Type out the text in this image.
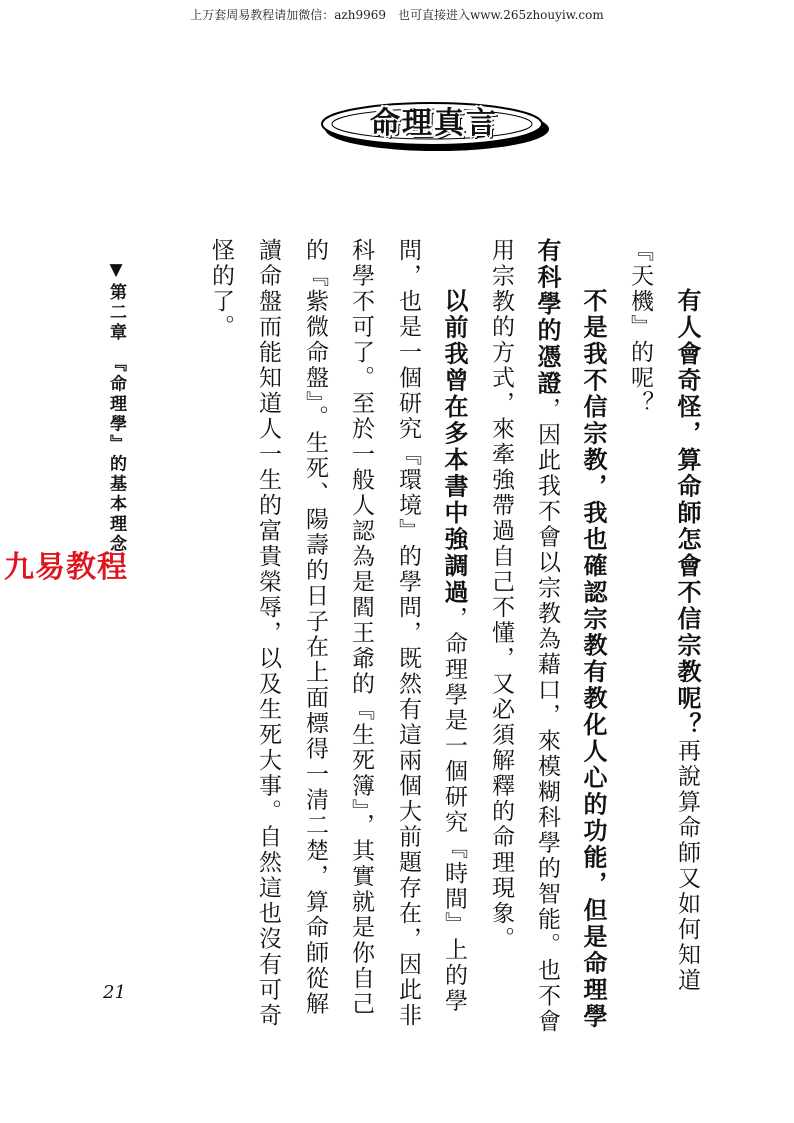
上万套周易教程请加微信：azh9969　也可直接进入www.265zhouyiw.com
命理真言
有人會奇怪，算命師怎會不信宗教呢？再說算命師又如何知道
『天機』的呢？
不是我不信宗教，我也確認宗教有教化人心的功能，但是命理學
有科學的憑證，因此我不會以宗教為藉口，來模糊科學的智能。也不會
用宗教的方式，來牽強帶過自己不懂，又必須解釋的命理現象。
以前我曾在多本書中強調過，命理學是一個研究『時間』上的學
問，也是一個研究『環境』的學問，既然有這兩個大前題存在，因此非
科學不可了。至於一般人認為是閻王爺的『生死簿』，其實就是你自己
的『紫微命盤』。生死、陽壽的日子在上面標得一清二楚，算命師從解
讀命盤而能知道人一生的富貴榮辱，以及生死大事。自然這也沒有可奇
怪的了。
▼第二章　『命理學』的基本理念
九易教程
21
